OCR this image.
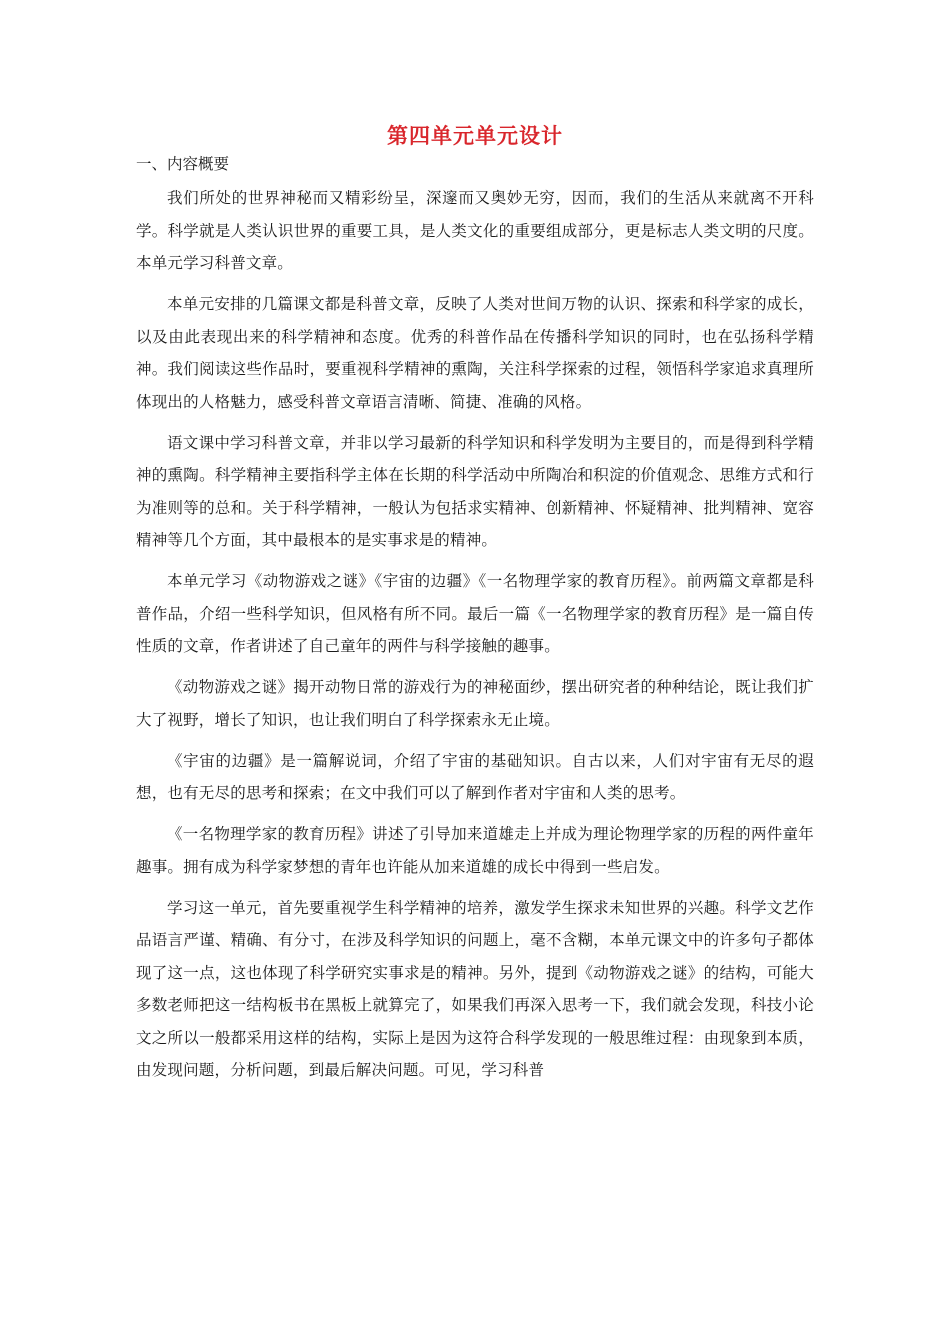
第四单元单元设计
一、内容概要

我们所处的世界神秘而又精彩纷呈，深邃而又奥妙无穷，因而，我们的生活从来就离不开科学。科学就是人类认识世界的重要工具，是人类文化的重要组成部分，更是标志人类文明的尺度。本单元学习科普文章。

本单元安排的几篇课文都是科普文章，反映了人类对世间万物的认识、探索和科学家的成长，以及由此表现出来的科学精神和态度。优秀的科普作品在传播科学知识的同时，也在弘扬科学精神。我们阅读这些作品时，要重视科学精神的熏陶，关注科学探索的过程，领悟科学家追求真理所体现出的人格魅力，感受科普文章语言清晰、简捷、准确的风格。

语文课中学习科普文章，并非以学习最新的科学知识和科学发明为主要目的，而是得到科学精神的熏陶。科学精神主要指科学主体在长期的科学活动中所陶冶和积淀的价值观念、思维方式和行为准则等的总和。关于科学精神，一般认为包括求实精神、创新精神、怀疑精神、批判精神、宽容精神等几个方面，其中最根本的是实事求是的精神。

本单元学习《动物游戏之谜》《宇宙的边疆》《一名物理学家的教育历程》。前两篇文章都是科普作品，介绍一些科学知识，但风格有所不同。最后一篇《一名物理学家的教育历程》是一篇自传性质的文章，作者讲述了自己童年的两件与科学接触的趣事。

《动物游戏之谜》揭开动物日常的游戏行为的神秘面纱，摆出研究者的种种结论，既让我们扩大了视野，增长了知识，也让我们明白了科学探索永无止境。

《宇宙的边疆》是一篇解说词，介绍了宇宙的基础知识。自古以来，人们对宇宙有无尽的遐想，也有无尽的思考和探索；在文中我们可以了解到作者对宇宙和人类的思考。

《一名物理学家的教育历程》讲述了引导加来道雄走上并成为理论物理学家的历程的两件童年趣事。拥有成为科学家梦想的青年也许能从加来道雄的成长中得到一些启发。

学习这一单元，首先要重视学生科学精神的培养，激发学生探求未知世界的兴趣。科学文艺作品语言严谨、精确、有分寸，在涉及科学知识的问题上，毫不含糊，本单元课文中的许多句子都体现了这一点，这也体现了科学研究实事求是的精神。另外，提到《动物游戏之谜》的结构，可能大多数老师把这一结构板书在黑板上就算完了，如果我们再深入思考一下，我们就会发现，科技小论文之所以一般都采用这样的结构，实际上是因为这符合科学发现的一般思维过程：由现象到本质，由发现问题，分析问题，到最后解决问题。可见，学习科普
